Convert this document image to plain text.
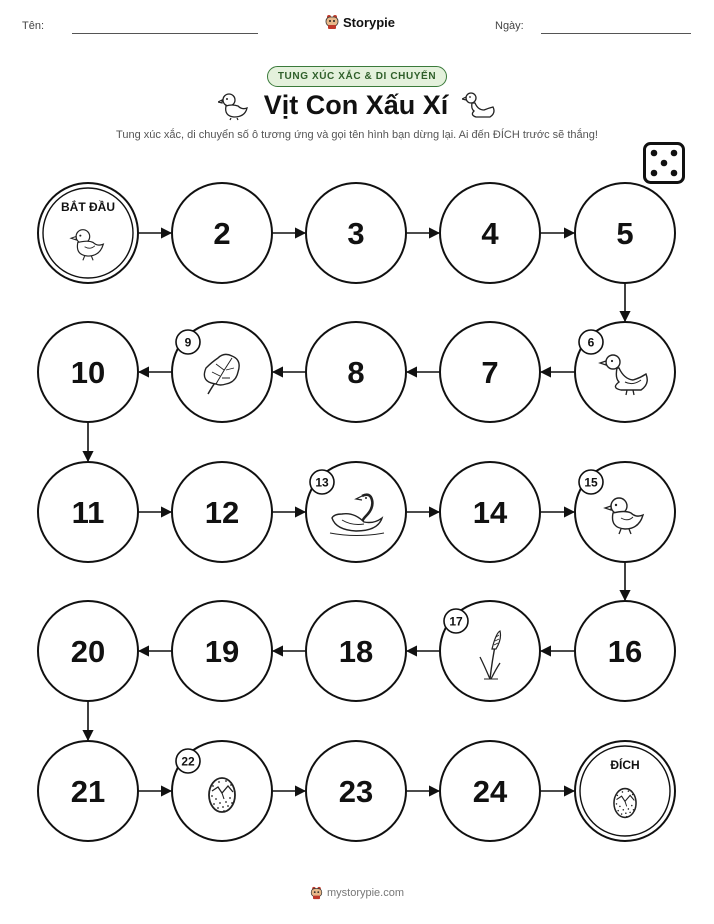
Tên:	Storypie	Ngày:
TUNG XÚC XẮC & DI CHUYỂN
Vịt Con Xấu Xí
Tung xúc xắc, di chuyển số ô tương ứng và gọi tên hình bạn dừng lại. Ai đến ĐÍCH trước sẽ thắng!
BẮT ĐẦU
2	3	4	5
10
9
8	7
6
11	12
13
14
15
20	19	18
17
16
21
22
23	24
ĐÍCH
mystorypie.com
